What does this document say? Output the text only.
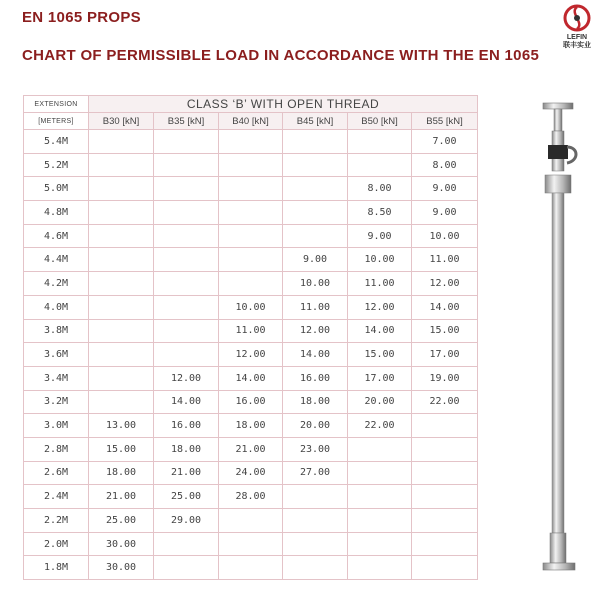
EN 1065 PROPS
CHART OF PERMISSIBLE LOAD IN ACCORDANCE WITH THE EN 1065
LEFIN
联丰实业
EXTENSION	CLASS ‘B’ WITH OPEN THREAD					
[METERS]	B30 [kN]	B35 [kN]	B40 [kN]	B45 [kN]	B50 [kN]	B55 [kN]
5.4M						7.00
5.2M						8.00
5.0M					8.00	9.00
4.8M					8.50	9.00
4.6M					9.00	10.00
4.4M				9.00	10.00	11.00
4.2M				10.00	11.00	12.00
4.0M			10.00	11.00	12.00	14.00
3.8M			11.00	12.00	14.00	15.00
3.6M			12.00	14.00	15.00	17.00
3.4M		12.00	14.00	16.00	17.00	19.00
3.2M		14.00	16.00	18.00	20.00	22.00
3.0M	13.00	16.00	18.00	20.00	22.00	
2.8M	15.00	18.00	21.00	23.00		
2.6M	18.00	21.00	24.00	27.00		
2.4M	21.00	25.00	28.00			
2.2M	25.00	29.00				
2.0M	30.00					
1.8M	30.00					
